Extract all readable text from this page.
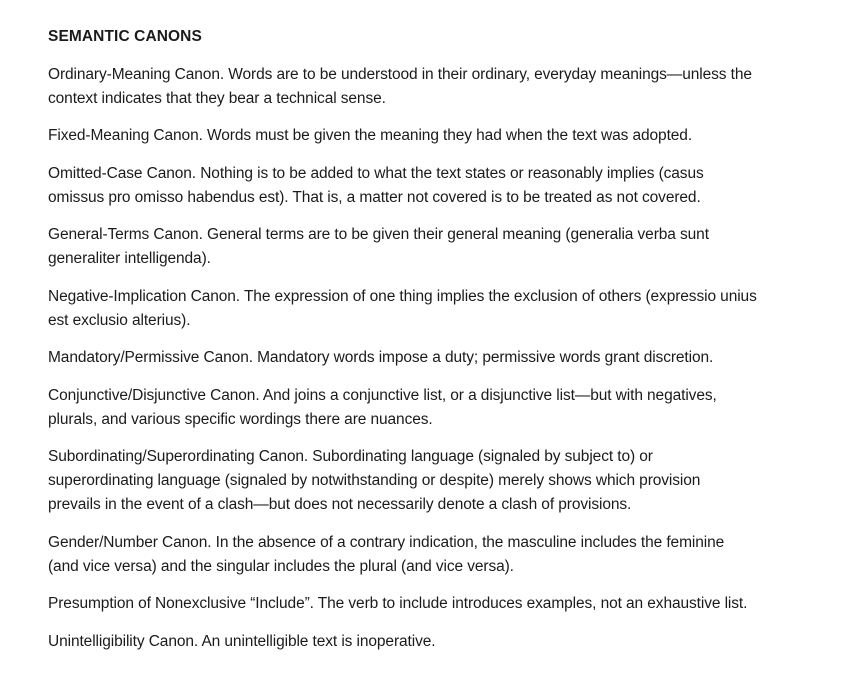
SEMANTIC CANONS

Ordinary-Meaning Canon. Words are to be understood in their ordinary, everyday meanings—unless the
context indicates that they bear a technical sense.

Fixed-Meaning Canon. Words must be given the meaning they had when the text was adopted.

Omitted-Case Canon. Nothing is to be added to what the text states or reasonably implies (casus
omissus pro omisso habendus est). That is, a matter not covered is to be treated as not covered.

General-Terms Canon. General terms are to be given their general meaning (generalia verba sunt
generaliter intelligenda).

Negative-Implication Canon. The expression of one thing implies the exclusion of others (expressio unius
est exclusio alterius).

Mandatory/Permissive Canon. Mandatory words impose a duty; permissive words grant discretion.

Conjunctive/Disjunctive Canon. And joins a conjunctive list, or a disjunctive list—but with negatives,
plurals, and various specific wordings there are nuances.

Subordinating/Superordinating Canon. Subordinating language (signaled by subject to) or
superordinating language (signaled by notwithstanding or despite) merely shows which provision
prevails in the event of a clash—but does not necessarily denote a clash of provisions.

Gender/Number Canon. In the absence of a contrary indication, the masculine includes the feminine
(and vice versa) and the singular includes the plural (and vice versa).

Presumption of Nonexclusive “Include”. The verb to include introduces examples, not an exhaustive list.

Unintelligibility Canon. An unintelligible text is inoperative.
